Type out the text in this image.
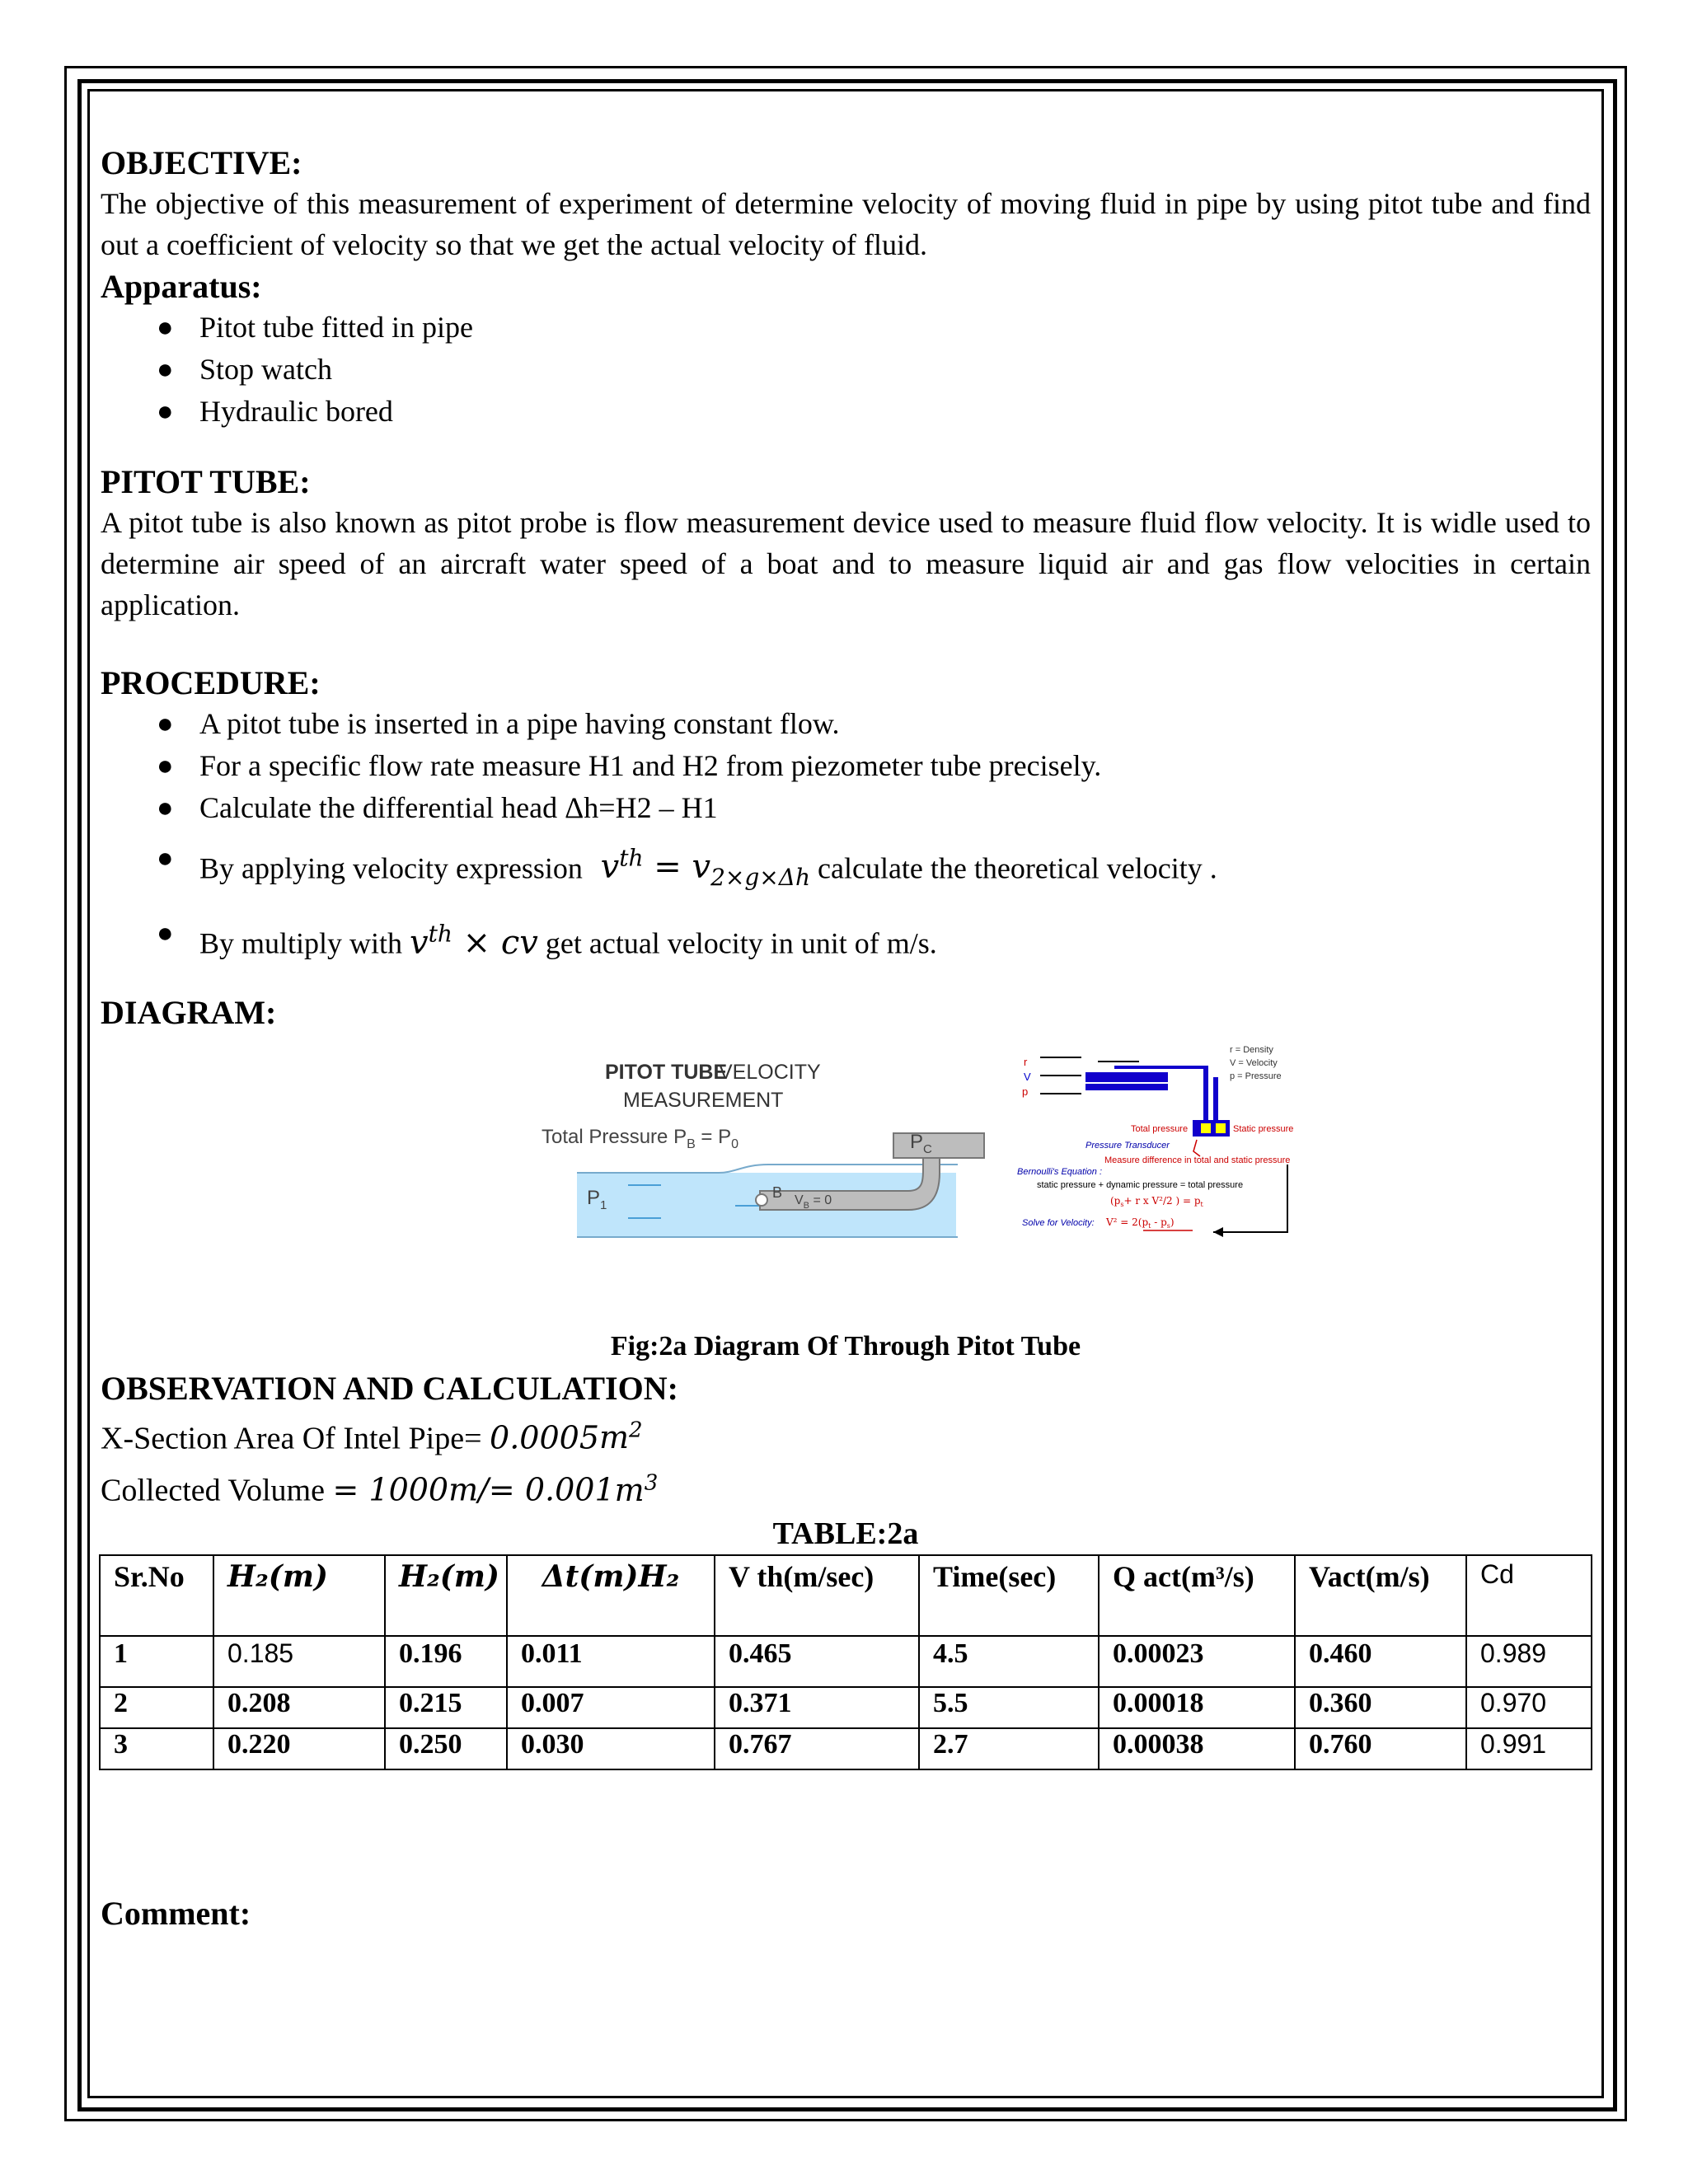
OBJECTIVE:

The objective of this measurement of experiment of determine velocity of moving fluid in pipe by using pitot tube and find out a coefficient of velocity so that we get the actual velocity of fluid.

Apparatus:
● Pitot tube fitted in pipe
● Stop watch
● Hydraulic bored
PITOT TUBE:

A pitot tube is also known as pitot probe is flow measurement device used to measure fluid flow velocity. It is widle used to determine air speed of an aircraft water speed of a boat and to measure liquid air and gas flow velocities in certain application.

PROCEDURE:
● A pitot tube is inserted in a pipe having constant flow.
● For a specific flow rate measure H1 and H2 from piezometer tube precisely.
● Calculate the differential head Δh=H2 – H1
● By applying velocity expression  $v^{th} = v_{2\times g\times\Delta h}$ calculate the theoretical velocity .
● By multiply with $v^{th}$ × cv get actual velocity in unit of m/s.
DIAGRAM:
PITOT TUBE
VELOCITY
MEASUREMENT
Total Pressure $P_B = P_0$	$P_C$
$P_1$
B $V_B = 0$
r
V
p
r = Density
V = Velocity
p = Pressure
Total pressure	Static pressure
Pressure Transducer
Measure difference in total and static pressure
Bernoulli's Equation :
static pressure + dynamic pressure = total pressure
($p_s+ r$ x V²/2 ) = $p_t$
Solve for Velocity: $V^2 = 2(p_t - p_s)$
Fig:2a Diagram Of Through Pitot Tube
OBSERVATION AND CALCULATION:
X-Section Area Of Intel Pipe= $0.0005m^2$
Collected Volume = $1000m/= 0.001m^3$
TABLE:2a
Sr.No	H₂(m)	H₂(m)	Δt(m)H₂	V th(m/sec)	Time(sec)	Q act(m³/s)	Vact(m/s)	Cd
1	0.185	0.196	0.011	0.465	4.5	0.00023	0.460	0.989
2	0.208	0.215	0.007	0.371	5.5	0.00018	0.360	0.970
3	0.220	0.250	0.030	0.767	2.7	0.00038	0.760	0.991
Comment:
